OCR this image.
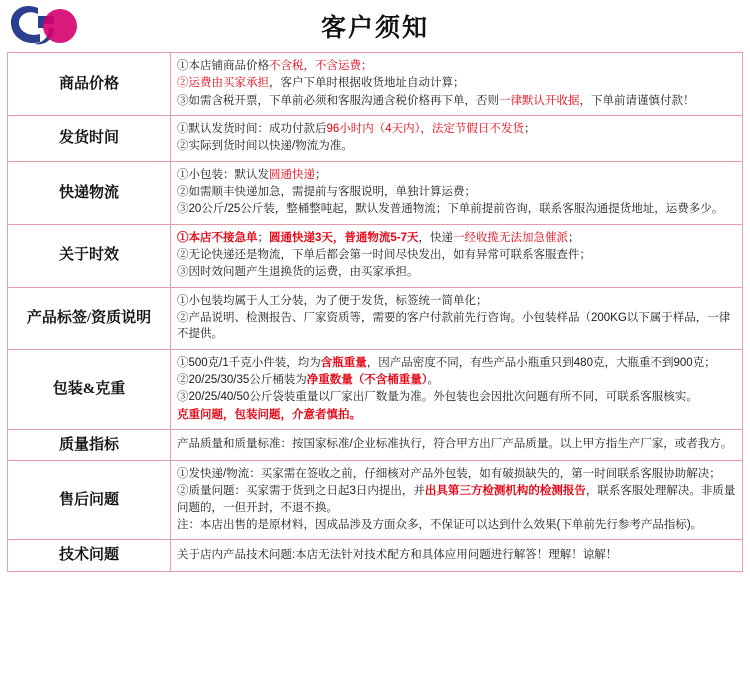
客户须知
商品价格	①本店铺商品价格不含税，不含运费；

②运费由买家承担，客户下单时根据收货地址自动计算；

③如需含税开票，下单前必须和客服沟通含税价格再下单，否则一律默认开收据，下单前请谨慎付款！

发货时间	①默认发货时间：成功付款后96小时内（4天内），法定节假日不发货；

②实际到货时间以快递/物流为准。

快递物流	①小包装：默认发圆通快递；

②如需顺丰快递加急，需提前与客服说明，单独计算运费；

③20公斤/25公斤装，整桶整吨起，默认发普通物流；下单前提前咨询，联系客服沟通提货地址，运费多少。

关于时效	①本店不接急单；圆通快递3天，普通物流5-7天，快递一经收揽无法加急催派；

②无论快递还是物流，下单后都会第一时间尽快发出，如有异常可联系客服查件；

③因时效问题产生退换货的运费，由买家承担。

产品标签/资质说明	①小包装均属于人工分装，为了便于发货，标签统一简单化；

②产品说明、检测报告、厂家资质等，需要的客户付款前先行咨询。小包装样品（200KG以下属于样品，一律不提供。

包装&克重	①500克/1千克小件装，均为含瓶重量，因产品密度不同，有些产品小瓶重只到480克，大瓶重不到900克；

②20/25/30/35公斤桶装为净重数量（不含桶重量）。

③20/25/40/50公斤袋装重量以厂家出厂数量为准。外包装也会因批次问题有所不同，可联系客服核实。

克重问题，包装问题，介意者慎拍。

质量指标	产品质量和质量标准：按国家标准/企业标准执行，符合甲方出厂产品质量。以上甲方指生产厂家，或者我方。

售后问题	①发快递/物流：买家需在签收之前，仔细核对产品外包装，如有破损缺失的，第一时间联系客服协助解决；

②质量问题：买家需于货到之日起3日内提出，并出具第三方检测机构的检测报告，联系客服处理解决。非质量问题的，一但开封，不退不换。

注：本店出售的是原材料，因成品涉及方面众多，不保证可以达到什么效果(下单前先行参考产品指标)。

技术问题	关于店内产品技术问题:本店无法针对技术配方和具体应用问题进行解答！理解！谅解！
